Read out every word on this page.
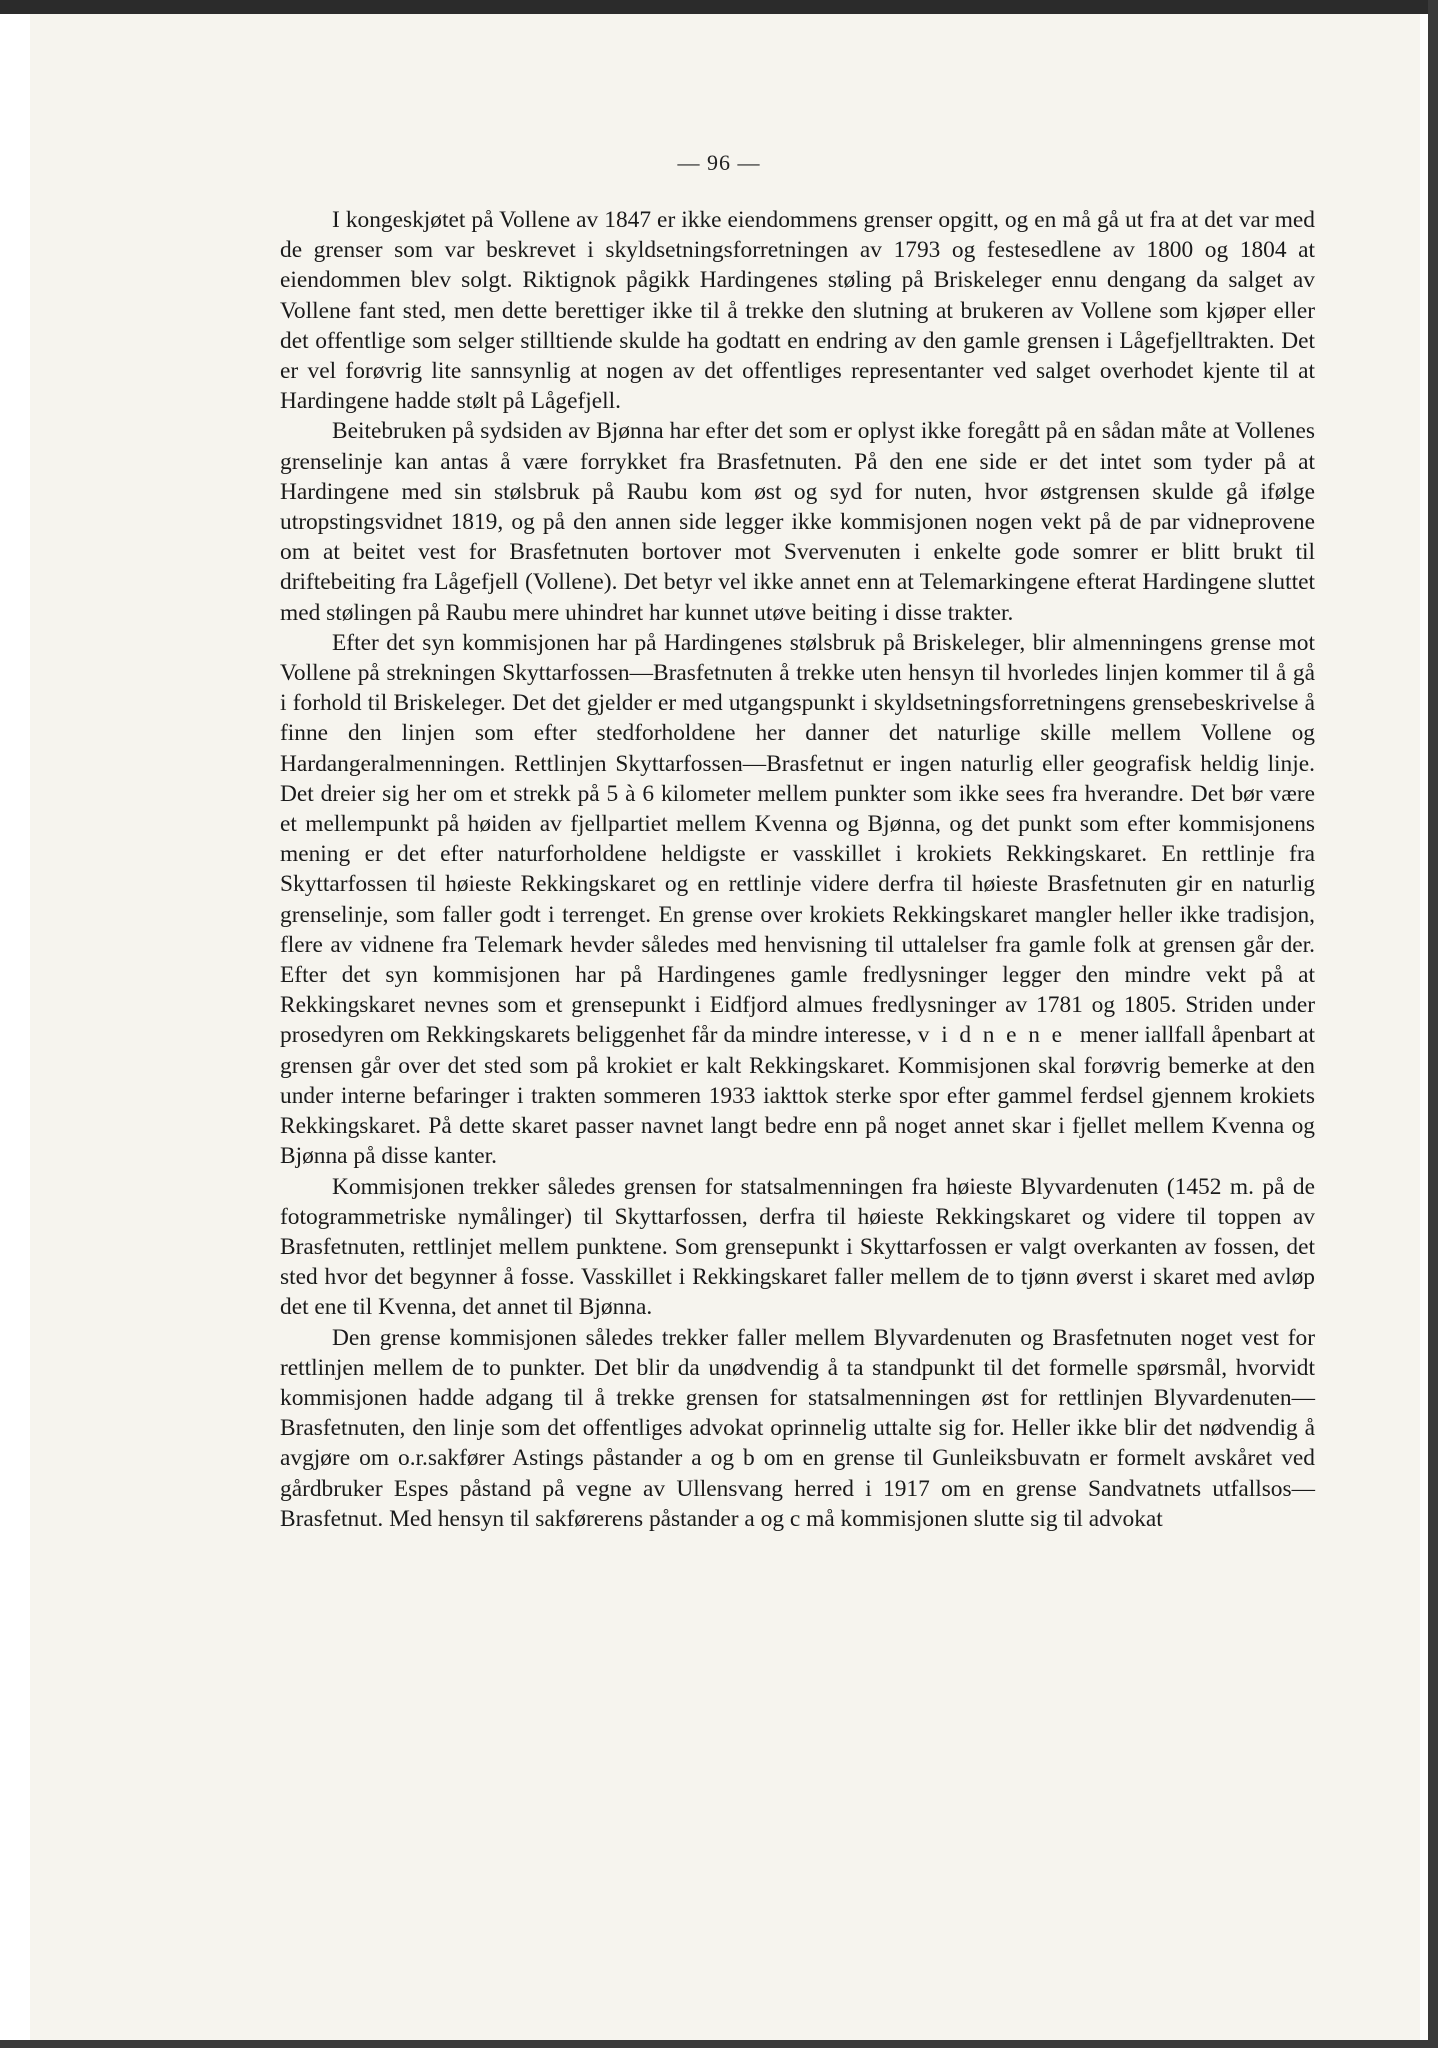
— 96 —

I kongeskjøtet på Vollene av 1847 er ikke eiendommens grenser opgitt, og en må gå ut fra at det var med de grenser som var beskrevet i skyldsetningsforretningen av 1793 og festesedlene av 1800 og 1804 at eiendommen blev solgt. Riktignok pågikk Hardingenes støling på Briskeleger ennu dengang da salget av Vollene fant sted, men dette berettiger ikke til å trekke den slutning at brukeren av Vollene som kjøper eller det offentlige som selger stilltiende skulde ha godtatt en endring av den gamle grensen i Lågefjelltrakten. Det er vel forøvrig lite sannsynlig at nogen av det offentliges representanter ved salget overhodet kjente til at Hardingene hadde stølt på Lågefjell.

Beitebruken på sydsiden av Bjønna har efter det som er oplyst ikke foregått på en sådan måte at Vollenes grenselinje kan antas å være forrykket fra Brasfetnuten. På den ene side er det intet som tyder på at Hardingene med sin stølsbruk på Raubu kom øst og syd for nuten, hvor østgrensen skulde gå ifølge utropstingsvidnet 1819, og på den annen side legger ikke kommisjonen nogen vekt på de par vidneprovene om at beitet vest for Brasfetnuten bortover mot Svervenuten i enkelte gode somrer er blitt brukt til driftebeiting fra Lågefjell (Vollene). Det betyr vel ikke annet enn at Telemarkingene efterat Hardingene sluttet med stølingen på Raubu mere uhindret har kunnet utøve beiting i disse trakter.

Efter det syn kommisjonen har på Hardingenes stølsbruk på Briskeleger, blir almenningens grense mot Vollene på strekningen Skyttarfossen—Brasfetnuten å trekke uten hensyn til hvorledes linjen kommer til å gå i forhold til Briskeleger. Det det gjelder er med utgangspunkt i skyldsetningsforretningens grensebeskrivelse å finne den linjen som efter stedforholdene her danner det naturlige skille mellem Vollene og Hardangeralmenningen. Rettlinjen Skyttarfossen—Brasfetnut er ingen naturlig eller geografisk heldig linje. Det dreier sig her om et strekk på 5 à 6 kilometer mellem punkter som ikke sees fra hverandre. Det bør være et mellempunkt på høiden av fjellpartiet mellem Kvenna og Bjønna, og det punkt som efter kommisjonens mening er det efter naturforholdene heldigste er vasskillet i krokiets Rekkingskaret. En rettlinje fra Skyttarfossen til høieste Rekkingskaret og en rettlinje videre derfra til høieste Brasfetnuten gir en naturlig grenselinje, som faller godt i terrenget. En grense over krokiets Rekkingskaret mangler heller ikke tradisjon, flere av vidnene fra Telemark hevder således med henvisning til uttalelser fra gamle folk at grensen går der. Efter det syn kommisjonen har på Hardingenes gamle fredlysninger legger den mindre vekt på at Rekkingskaret nevnes som et grensepunkt i Eidfjord almues fredlysninger av 1781 og 1805. Striden under prosedyren om Rekkingskarets beliggenhet får da mindre interesse, vidnene mener iallfall åpenbart at grensen går over det sted som på krokiet er kalt Rekkingskaret. Kommisjonen skal forøvrig bemerke at den under interne befaringer i trakten sommeren 1933 iakttok sterke spor efter gammel ferdsel gjennem krokiets Rekkingskaret. På dette skaret passer navnet langt bedre enn på noget annet skar i fjellet mellem Kvenna og Bjønna på disse kanter.

Kommisjonen trekker således grensen for statsalmenningen fra høieste Blyvardenuten (1452 m. på de fotogrammetriske nymålinger) til Skyttarfossen, derfra til høieste Rekkingskaret og videre til toppen av Brasfetnuten, rettlinjet mellem punktene. Som grensepunkt i Skyttarfossen er valgt overkanten av fossen, det sted hvor det begynner å fosse. Vasskillet i Rekkingskaret faller mellem de to tjønn øverst i skaret med avløp det ene til Kvenna, det annet til Bjønna.

Den grense kommisjonen således trekker faller mellem Blyvardenuten og Brasfetnuten noget vest for rettlinjen mellem de to punkter. Det blir da unødvendig å ta standpunkt til det formelle spørsmål, hvorvidt kommisjonen hadde adgang til å trekke grensen for statsalmenningen øst for rettlinjen Blyvardenuten—Brasfetnuten, den linje som det offentliges advokat oprinnelig uttalte sig for. Heller ikke blir det nødvendig å avgjøre om o.r.sakfører Astings påstander a og b om en grense til Gunleiksbuvatn er formelt avskåret ved gårdbruker Espes påstand på vegne av Ullensvang herred i 1917 om en grense Sandvatnets utfallsos—Brasfetnut. Med hensyn til sakførerens påstander a og c må kommisjonen slutte sig til advokat
